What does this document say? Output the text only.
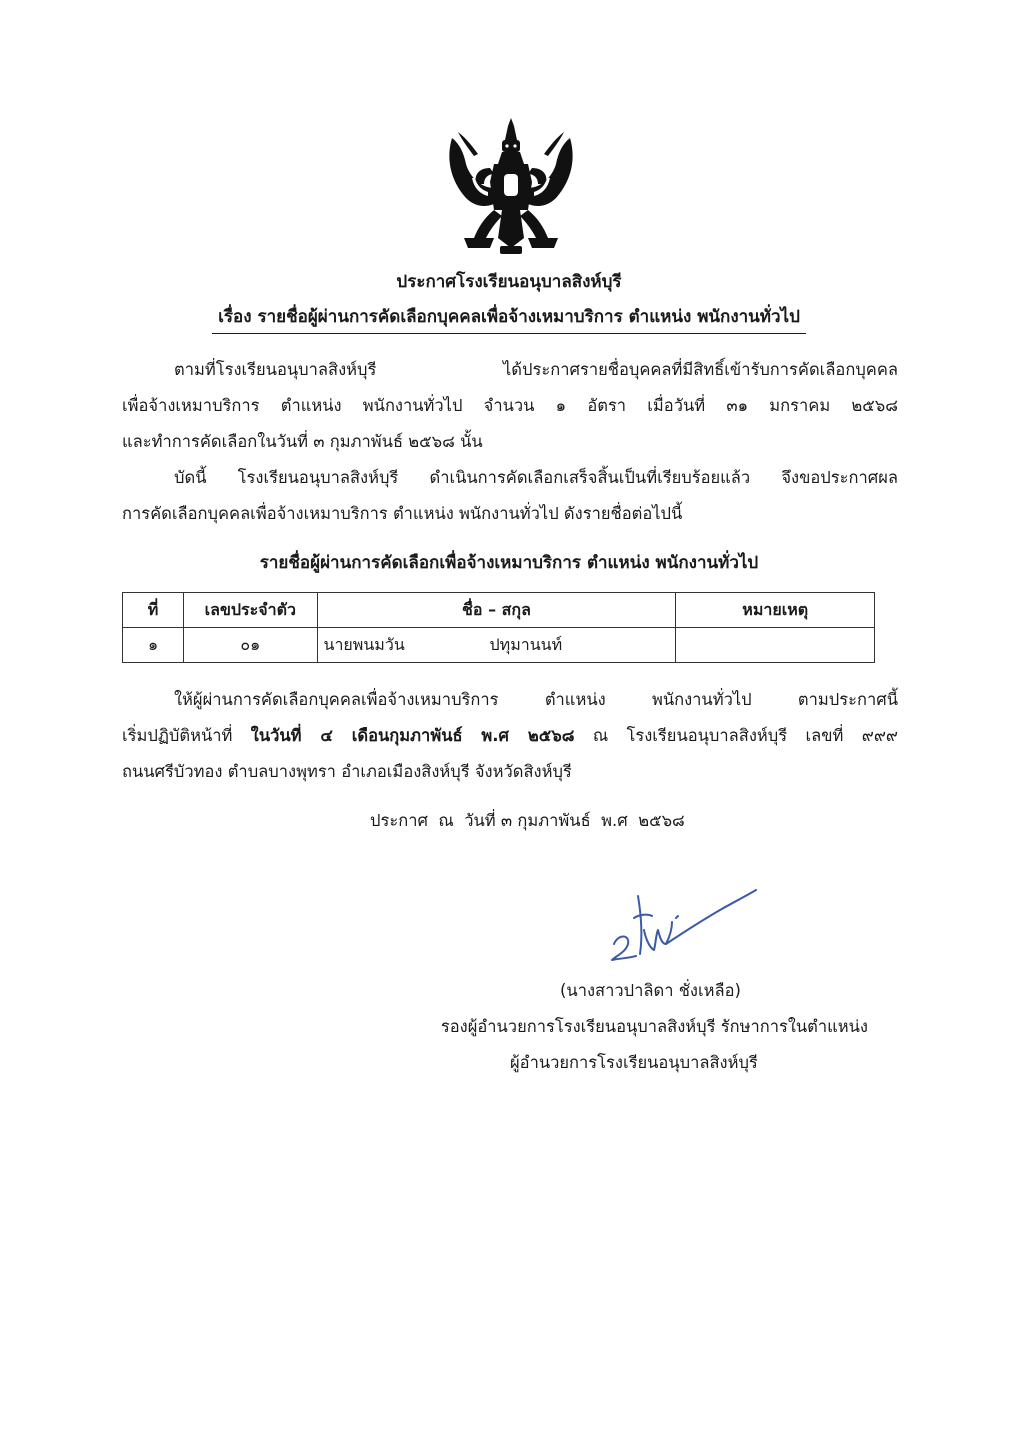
ประกาศโรงเรียนอนุบาลสิงห์บุรี
เรื่อง รายชื่อผู้ผ่านการคัดเลือกบุคคลเพื่อจ้างเหมาบริการ ตำแหน่ง พนักงานทั่วไป
ตามที่โรงเรียนอนุบาลสิงห์บุรี ได้ประกาศรายชื่อบุคคลที่มีสิทธิ์เข้ารับการคัดเลือกบุคคล
เพื่อจ้างเหมาบริการ ตำแหน่ง พนักงานทั่วไป จำนวน ๑ อัตรา เมื่อวันที่ ๓๑ มกราคม ๒๕๖๘
และทำการคัดเลือกในวันที่ ๓ กุมภาพันธ์ ๒๕๖๘ นั้น
บัดนี้ โรงเรียนอนุบาลสิงห์บุรี ดำเนินการคัดเลือกเสร็จสิ้นเป็นที่เรียบร้อยแล้ว จึงขอประกาศผล
การคัดเลือกบุคคลเพื่อจ้างเหมาบริการ ตำแหน่ง พนักงานทั่วไป ดังรายชื่อต่อไปนี้
รายชื่อผู้ผ่านการคัดเลือกเพื่อจ้างเหมาบริการ ตำแหน่ง พนักงานทั่วไป
ที่	เลขประจำตัว	ชื่อ – สกุล	หมายเหตุ
๑	๐๑	นายพนมวัน ปทุมานนท์	
ให้ผู้ผ่านการคัดเลือกบุคคลเพื่อจ้างเหมาบริการ ตำแหน่ง พนักงานทั่วไป ตามประกาศนี้
เริ่มปฏิบัติหน้าที่ ในวันที่ ๔ เดือนกุมภาพันธ์ พ.ศ ๒๕๖๘ ณ โรงเรียนอนุบาลสิงห์บุรี เลขที่ ๙๙๙
ถนนศรีบัวทอง ตำบลบางพุทรา อำเภอเมืองสิงห์บุรี จังหวัดสิงห์บุรี
ประกาศ  ณ  วันที่ ๓ กุมภาพันธ์  พ.ศ  ๒๕๖๘
(นางสาวปาลิดา ชั่งเหลือ)
รองผู้อำนวยการโรงเรียนอนุบาลสิงห์บุรี รักษาการในตำแหน่ง
ผู้อำนวยการโรงเรียนอนุบาลสิงห์บุรี
